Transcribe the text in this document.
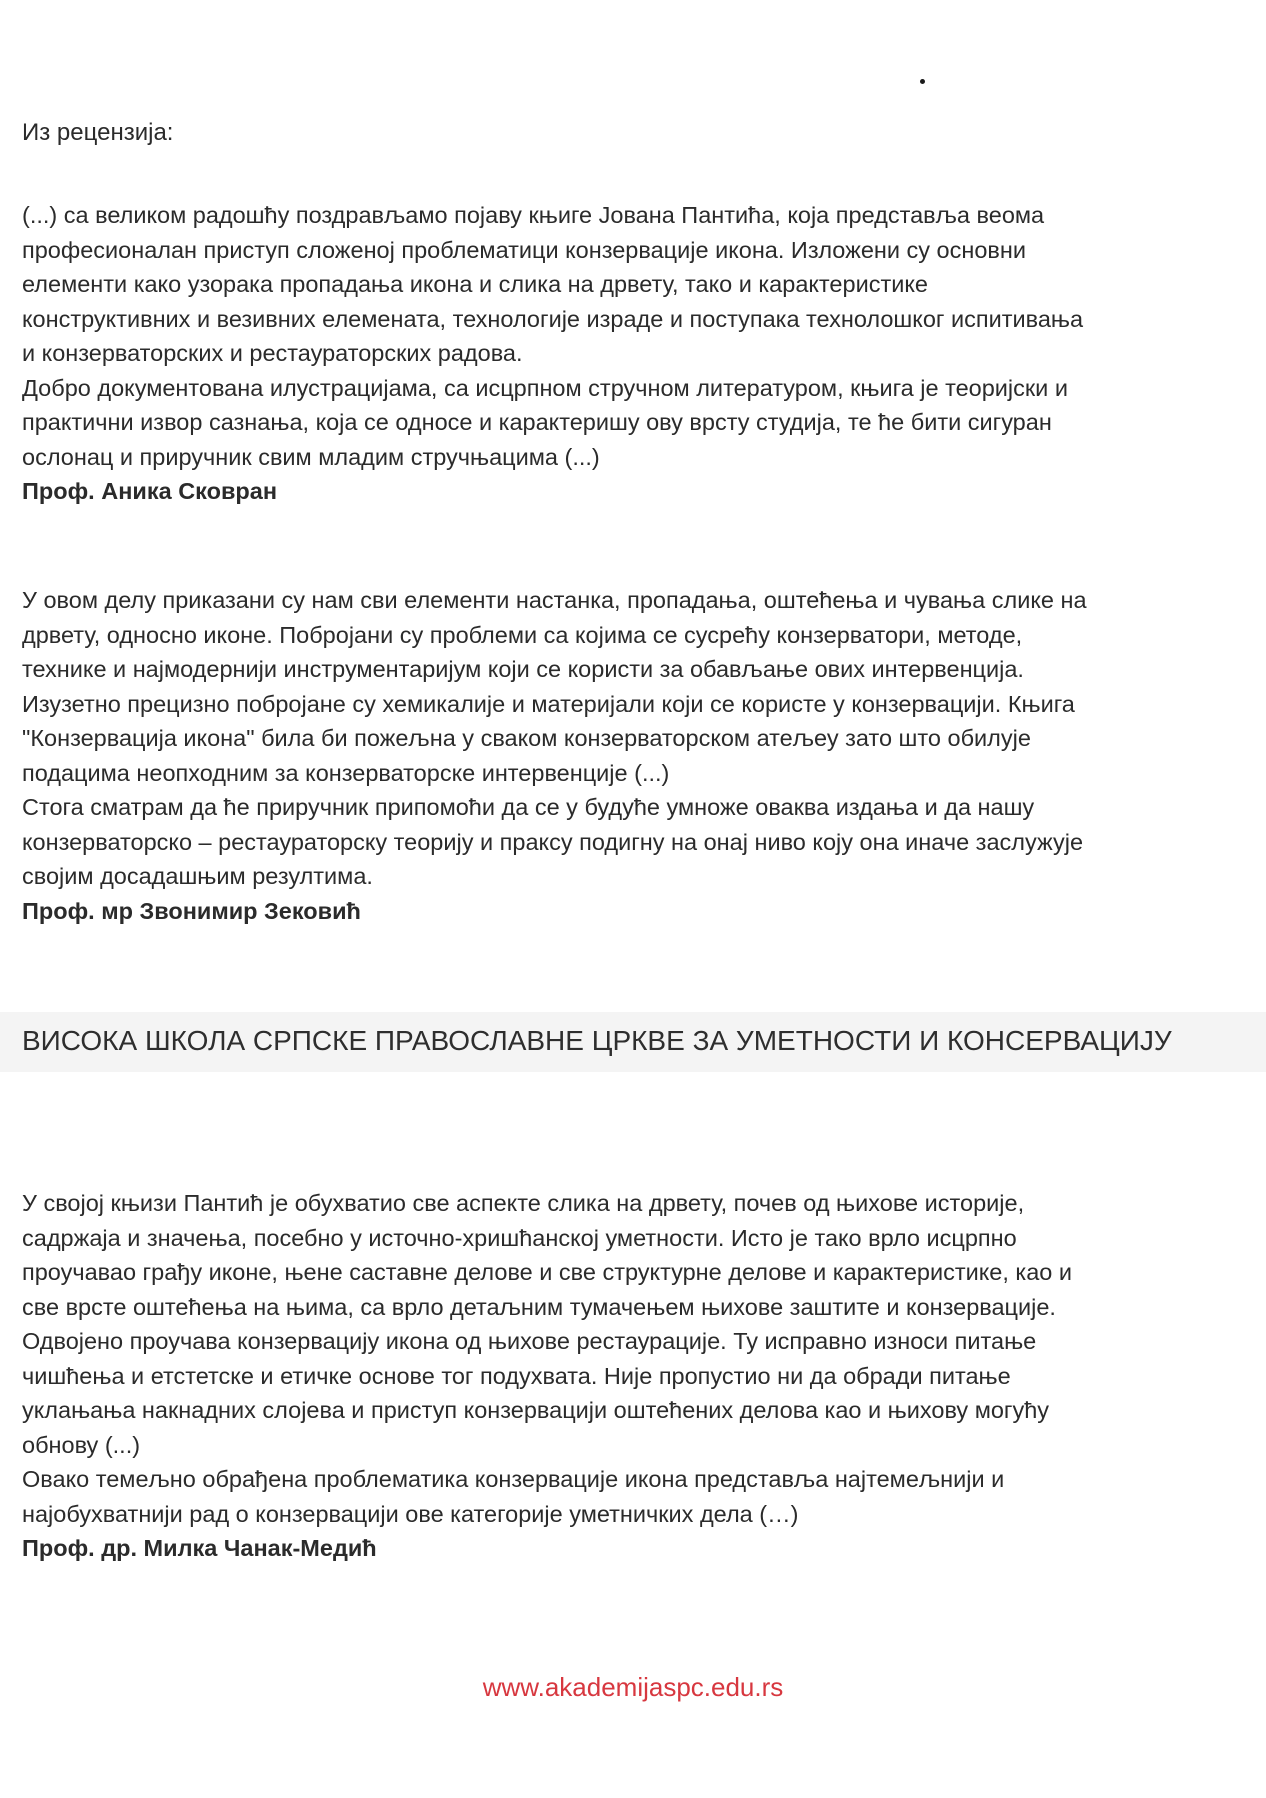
Из рецензија:
(...) са великом радошћу поздрављамо појаву књиге Јована Пантића, која представља веома
професионалан приступ сложеној проблематици конзервације икона. Изложени су основни
елементи како узорака пропадања икона и слика на дрвету, тако и карактеристике
конструктивних и везивних елемената, технологије израде и поступака технолошког испитивања
и конзерваторских и рестаураторских радова.
Добро документована илустрацијама, са исцрпном стручном литературом, књига је теоријски и
практични извор сазнања, која се односе и карактеришу ову врсту студија, те ће бити сигуран
ослонац и приручник свим младим стручњацима (...)
Проф. Аника Сковран
У овом делу приказани су нам сви елементи настанка, пропадања, оштећења и чувања слике на
дрвету, односно иконе. Побројани су проблеми са којима се сусрећу конзерватори, методе,
технике и најмодернији инструментаријум који се користи за обављање ових интервенција.
Изузетно прецизно побројане су хемикалије и материјали који се користе у конзервацији. Књига
"Конзервација икона" била би пожељна у сваком конзерваторском атељеу зато што обилује
подацима неопходним за конзерваторске интервенције (...)
Стога сматрам да ће приручник припомоћи да се у будуће умноже оваква издања и да нашу
конзерваторско – рестаураторску теорију и праксу подигну на онај ниво коју она иначе заслужује
својим досадашњим резултима.
Проф. мр Звонимир Зековић
ВИСОКА ШКОЛА СРПСКЕ ПРАВОСЛАВНЕ ЦРКВЕ ЗА УМЕТНОСТИ И КОНСЕРВАЦИЈУ
У својој књизи Пантић је обухватио све аспекте слика на дрвету, почев од њихове историје,
садржаја и значења, посебно у источно-хришћанској уметности. Исто је тако врло исцрпно
проучавао грађу иконе, њене саставне делове и све структурне делове и карактеристике, као и
све врсте оштећења на њима, са врло детаљним тумачењем њихове заштите и конзервације.
Одвојено проучава конзервацију икона од њихове рестаурације. Ту исправно износи питање
чишћења и етстетске и етичке основе тог подухвата. Није пропустио ни да обради питање
уклањања накнадних слојева и приступ конзервацији оштећених делова као и њихову могућу
обнову (...)
Овако темељно обрађена проблематика конзервације икона представља најтемељнији и
најобухватнији рад о конзервацији ове категорије уметничких дела (…)
Проф. др. Милка Чанак-Медић
www.akademijaspc.edu.rs
